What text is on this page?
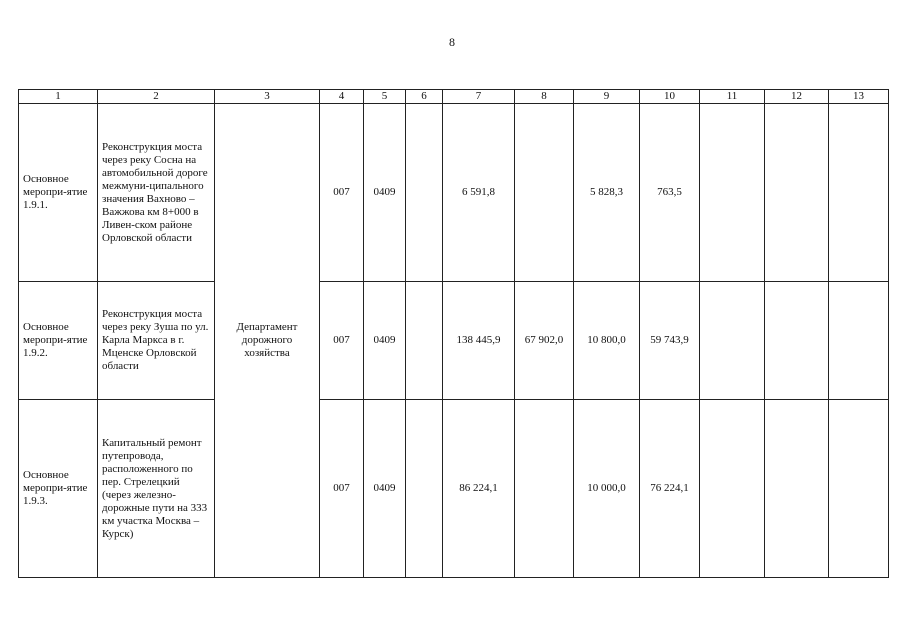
8
1	2	3	4	5	6	7	8	9	10	11	12	13
Основное меропри-ятие 1.9.1.	Реконструкция моста через реку Сосна на автомобильной дороге межмуни-ципального значения Вахново – Важжова км 8+000 в Ливен-ском районе Орловской области	Департамент дорожного хозяйства	007	0409		6 591,8		5 828,3	763,5			
Основное меропри-ятие 1.9.2.	Реконструкция моста через реку Зуша по ул. Карла Маркса в г. Мценске Орловской области		007	0409		138 445,9	67 902,0	10 800,0	59 743,9			
Основное меропри-ятие 1.9.3.	Капитальный ремонт путепровода, расположенного по пер. Стрелецкий (через железно-дорожные пути на 333 км участка Москва – Курск)		007	0409		86 224,1		10 000,0	76 224,1			
